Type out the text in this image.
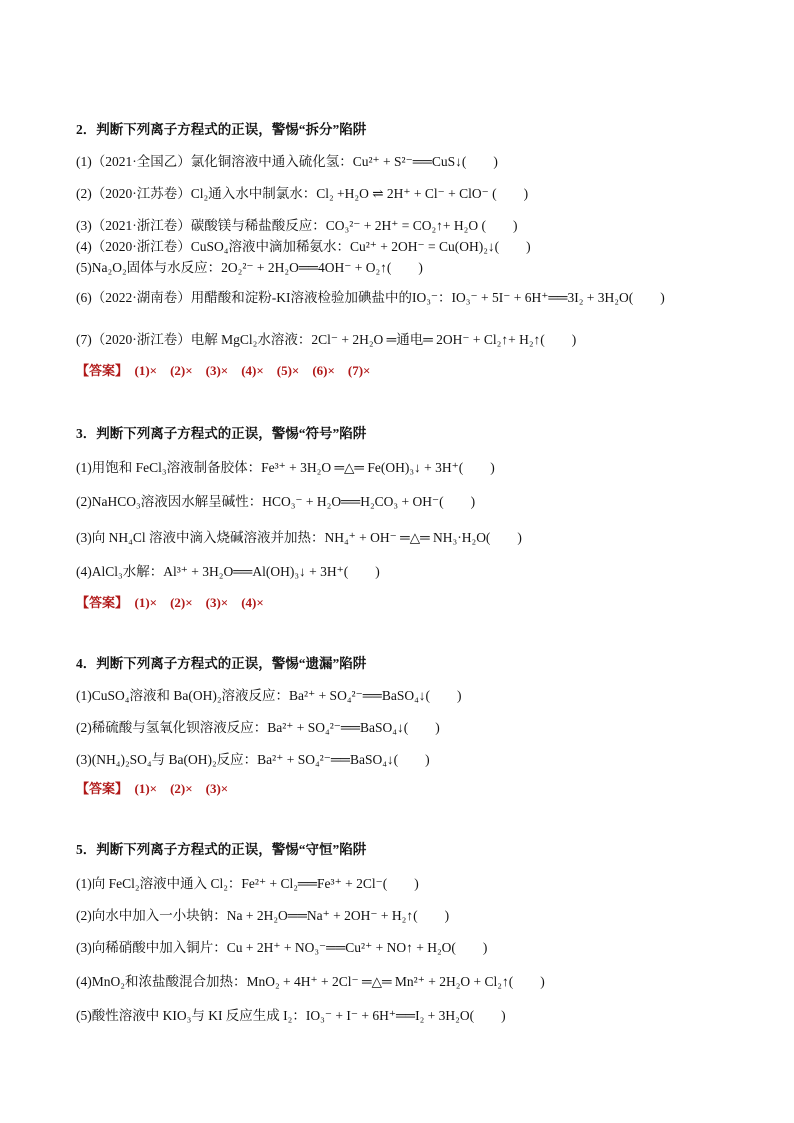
2．判断下列离子方程式的正误，警惕“拆分”陷阱
(1)（2021·全国乙）氯化铜溶液中通入硫化氢：Cu²⁺ + S²⁻══CuS↓(　　)
(2)（2020·江苏卷）Cl₂通入水中制氯水：Cl₂ +H₂O ⇌ 2H⁺ + Cl⁻ + ClO⁻ (　　)
(3)（2021·浙江卷）碳酸镁与稀盐酸反应：CO₃²⁻ + 2H⁺ = CO₂↑+ H₂O (　　)
(4)（2020·浙江卷）CuSO₄溶液中滴加稀氨水：Cu²⁺ + 2OH⁻ = Cu(OH)₂↓(　　)
(5)Na₂O₂固体与水反应：2O₂²⁻ + 2H₂O══4OH⁻ + O₂↑(　　)
(6)（2022·湖南卷）用醋酸和淀粉-KI溶液检验加碘盐中的IO₃⁻：IO₃⁻ + 5I⁻ + 6H⁺══3I₂ + 3H₂O(　　)
(7)（2020·浙江卷）电解 MgCl₂水溶液：2Cl⁻ + 2H₂O ═通电═ 2OH⁻ + Cl₂↑+ H₂↑(　　)
【答案】　(1)×　(2)×　(3)×　(4)×　(5)×　(6)×　(7)×
3．判断下列离子方程式的正误，警惕“符号”陷阱
(1)用饱和 FeCl₃溶液制备胶体：Fe³⁺ + 3H₂O ═△═ Fe(OH)₃↓ + 3H⁺(　　)
(2)NaHCO₃溶液因水解呈碱性：HCO₃⁻ + H₂O══H₂CO₃ + OH⁻(　　)
(3)向 NH₄Cl 溶液中滴入烧碱溶液并加热：NH₄⁺ + OH⁻ ═△═ NH₃·H₂O(　　)
(4)AlCl₃水解：Al³⁺ + 3H₂O══Al(OH)₃↓ + 3H⁺(　　)
【答案】　(1)×　(2)×　(3)×　(4)×
4．判断下列离子方程式的正误，警惕“遗漏”陷阱
(1)CuSO₄溶液和 Ba(OH)₂溶液反应：Ba²⁺ + SO₄²⁻══BaSO₄↓(　　)
(2)稀硫酸与氢氧化钡溶液反应：Ba²⁺ + SO₄²⁻══BaSO₄↓(　　)
(3)(NH₄)₂SO₄与 Ba(OH)₂反应：Ba²⁺ + SO₄²⁻══BaSO₄↓(　　)
【答案】　(1)×　(2)×　(3)×
5．判断下列离子方程式的正误，警惕“守恒”陷阱
(1)向 FeCl₂溶液中通入 Cl₂：Fe²⁺ + Cl₂══Fe³⁺ + 2Cl⁻(　　)
(2)向水中加入一小块钠：Na + 2H₂O══Na⁺ + 2OH⁻ + H₂↑(　　)
(3)向稀硝酸中加入铜片：Cu + 2H⁺ + NO₃⁻══Cu²⁺ + NO↑ + H₂O(　　)
(4)MnO₂和浓盐酸混合加热：MnO₂ + 4H⁺ + 2Cl⁻ ═△═ Mn²⁺ + 2H₂O + Cl₂↑(　　)
(5)酸性溶液中 KIO₃与 KI 反应生成 I₂：IO₃⁻ + I⁻ + 6H⁺══I₂ + 3H₂O(　　)
